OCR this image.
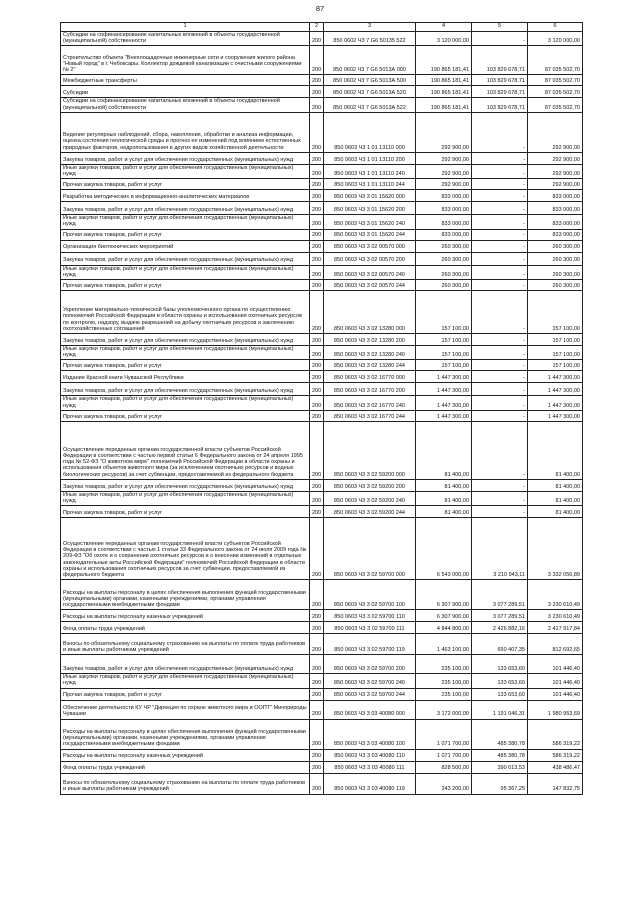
87
1	2	3	4	5	6
Субсидии на софинансирование капитальных вложений в объекты государственной (муниципальной) собственности	200	850 0602 Ч3 7 G6 50135 522	3 120 000,00	-	3 120 000,00
Строительство объекта "Внеплощадочные инженерные сети и сооружения жилого района "Новый город" в г. Чебоксары. Коллектор дождевой канализации с очистными сооружениями № 2"	200	850 0602 Ч3 7 G6 5013А 000	190 865 181,41	103 829 678,71	87 035 502,70
Межбюджетные трансферты	200	850 0602 Ч3 7 G6 5013А 500	190 865 181,41	103 829 678,71	87 035 502,70
Субсидии	200	850 0602 Ч3 7 G6 5013А 520	190 865 181,41	103 829 678,71	87 035 502,70
Субсидии на софинансирование капитальных вложений в объекты государственной (муниципальной) собственности	200	850 0602 Ч3 7 G6 5013А 522	190 865 181,41	103 829 678,71	87 035 502,70
Ведение регулярных наблюдений, сбора, накопления, обработки и анализа информации, оценка состояния геологической среды и прогноз ее изменений под влиянием естественных природных факторов, недропользования и других видов хозяйственной деятельности	200	850 0603 Ч3 1 01 13110 000	292 900,00	-	292 900,00
Закупка товаров, работ и услуг для обеспечения государственных (муниципальных) нужд	200	850 0603 Ч3 1 01 13110 200	292 900,00	-	292 900,00
Иные закупки товаров, работ и услуг для обеспечения государственных (муниципальных) нужд	200	850 0603 Ч3 1 01 13110 240	292 900,00	-	292 900,00
Прочая закупка товаров, работ и услуг	200	850 0603 Ч3 1 01 13110 244	292 900,00	-	292 900,00
Разработка методических и информационно-аналитических материалов	200	850 0603 Ч3 3 01 15620 000	833 000,00	-	833 000,00
Закупка товаров, работ и услуг для обеспечения государственных (муниципальных) нужд	200	850 0603 Ч3 3 01 15620 200	833 000,00	-	833 000,00
Иные закупки товаров, работ и услуг для обеспечения государственных (муниципальных) нужд	200	850 0603 Ч3 3 01 15620 240	833 000,00	-	833 000,00
Прочая закупка товаров, работ и услуг	200	850 0603 Ч3 3 01 15620 244	833 000,00	-	833 000,00
Организация биотехнических мероприятий	200	850 0603 Ч3 3 02 00570 000	260 300,00	-	260 300,00
Закупка товаров, работ и услуг для обеспечения государственных (муниципальных) нужд	200	850 0603 Ч3 3 02 00570 200	260 300,00	-	260 300,00
Иные закупки товаров, работ и услуг для обеспечения государственных (муниципальных) нужд	200	850 0603 Ч3 3 02 00570 240	260 300,00	-	260 300,00
Прочая закупка товаров, работ и услуг	200	850 0603 Ч3 3 02 00570 244	260 300,00	-	260 300,00
Укрепление материально-технической базы уполномоченного органа по осуществлению полномочий Российской Федерации в области охраны и использования охотничьих ресурсов по контролю, надзору, выдаче разрешений на добычу охотничьих ресурсов и заключению охотхозяйственных соглашений	200	850 0603 Ч3 3 02 13280 000	157 100,00	-	157 100,00
Закупка товаров, работ и услуг для обеспечения государственных (муниципальных) нужд	200	850 0603 Ч3 3 02 13280 200	157 100,00	-	157 100,00
Иные закупки товаров, работ и услуг для обеспечения государственных (муниципальных) нужд	200	850 0603 Ч3 3 02 13280 240	157 100,00	-	157 100,00
Прочая закупка товаров, работ и услуг	200	850 0603 Ч3 3 02 13280 244	157 100,00	-	157 100,00
Издание Красной книги Чувашской Республики	200	850 0603 Ч3 3 02 16770 000	1 447 300,00	-	1 447 300,00
Закупка товаров, работ и услуг для обеспечения государственных (муниципальных) нужд	200	850 0603 Ч3 3 02 16770 200	1 447 300,00	-	1 447 300,00
Иные закупки товаров, работ и услуг для обеспечения государственных (муниципальных) нужд	200	850 0603 Ч3 3 02 16770 240	1 447 300,00	-	1 447 300,00
Прочая закупка товаров, работ и услуг	200	850 0603 Ч3 3 02 16770 244	1 447 300,00	-	1 447 300,00
Осуществление переданных органам государственной власти субъектов Российской Федерации в соответствии с частью первой статьи 6 Федерального закона от 24 апреля 1995 года № 52-ФЗ "О животном мире" полномочий Российской Федерации в области охраны и использования объектов животного мира (за исключением охотничьих ресурсов и водных биологических ресурсов) за счет субвенции, предоставляемой из федерального бюджета	200	850 0603 Ч3 3 02 59200 000	81 400,00	-	81 400,00
Закупка товаров, работ и услуг для обеспечения государственных (муниципальных) нужд	200	850 0603 Ч3 3 02 59200 200	81 400,00	-	81 400,00
Иные закупки товаров, работ и услуг для обеспечения государственных (муниципальных) нужд	200	850 0603 Ч3 3 02 59200 240	81 400,00	-	81 400,00
Прочая закупка товаров, работ и услуг	200	850 0603 Ч3 3 02 59200 244	81 400,00	-	81 400,00
Осуществление переданных органам государственной власти субъектов Российской Федерации в соответствии с частью 1 статьи 33 Федерального закона от 24 июля 2009 года № 209-ФЗ "Об охоте и о сохранении охотничьих ресурсов и о внесении изменений в отдельные законодательные акты Российской Федерации" полномочий Российской Федерации в области охраны и использования охотничьих ресурсов за счет субвенции, предоставляемой из федерального бюджета	200	850 0603 Ч3 3 02 59700 000	6 543 000,00	3 210 943,11	3 332 056,89
Расходы на выплаты персоналу в целях обеспечения выполнения функций государственными (муниципальными) органами, казенными учреждениями, органами управления государственными внебюджетными фондами	200	850 0603 Ч3 3 02 59700 100	6 307 900,00	3 077 289,51	3 230 610,49
Расходы на выплаты персоналу казенных учреждений	200	850 0603 Ч3 3 02 59700 110	6 307 900,00	3 077 289,51	3 230 610,49
Фонд оплаты труда учреждений	200	850 0603 Ч3 3 02 59700 111	4 844 800,00	2 426 882,16	2 417 917,84
Взносы по обязательному социальному страхованию на выплаты по оплате труда работников и иные выплаты работникам учреждений	200	850 0603 Ч3 3 02 59700 119	1 463 100,00	650 407,35	812 692,65
Закупка товаров, работ и услуг для обеспечения государственных (муниципальных) нужд	200	850 0603 Ч3 3 02 59700 200	235 100,00	133 653,60	101 446,40
Иные закупки товаров, работ и услуг для обеспечения государственных (муниципальных) нужд	200	850 0603 Ч3 3 02 59700 240	235 100,00	133 653,60	101 446,40
Прочая закупка товаров, работ и услуг	200	850 0603 Ч3 3 02 59700 244	235 100,00	133 653,60	101 446,40
Обеспечение деятельности КУ ЧР "Дирекция по охране животного мира и ООПТ" Минприроды Чувашии	200	850 0603 Ч3 3 03 40080 000	3 172 000,00	1 191 046,31	1 980 953,69
Расходы на выплаты персоналу в целях обеспечения выполнения функций государственными (муниципальными) органами, казенными учреждениями, органами управления государственными внебюджетными фондами	200	850 0603 Ч3 3 03 40080 100	1 071 700,00	485 380,78	586 319,22
Расходы на выплаты персоналу казенных учреждений	200	850 0603 Ч3 3 03 40080 110	1 071 700,00	485 380,78	586 319,22
Фонд оплаты труда учреждений	200	850 0603 Ч3 3 03 40080 111	828 500,00	390 013,53	438 486,47
Взносы по обязательному социальному страхованию на выплаты по оплате труда работников и иные выплаты работникам учреждений	200	850 0603 Ч3 3 03 40080 119	243 200,00	95 367,25	147 832,75
